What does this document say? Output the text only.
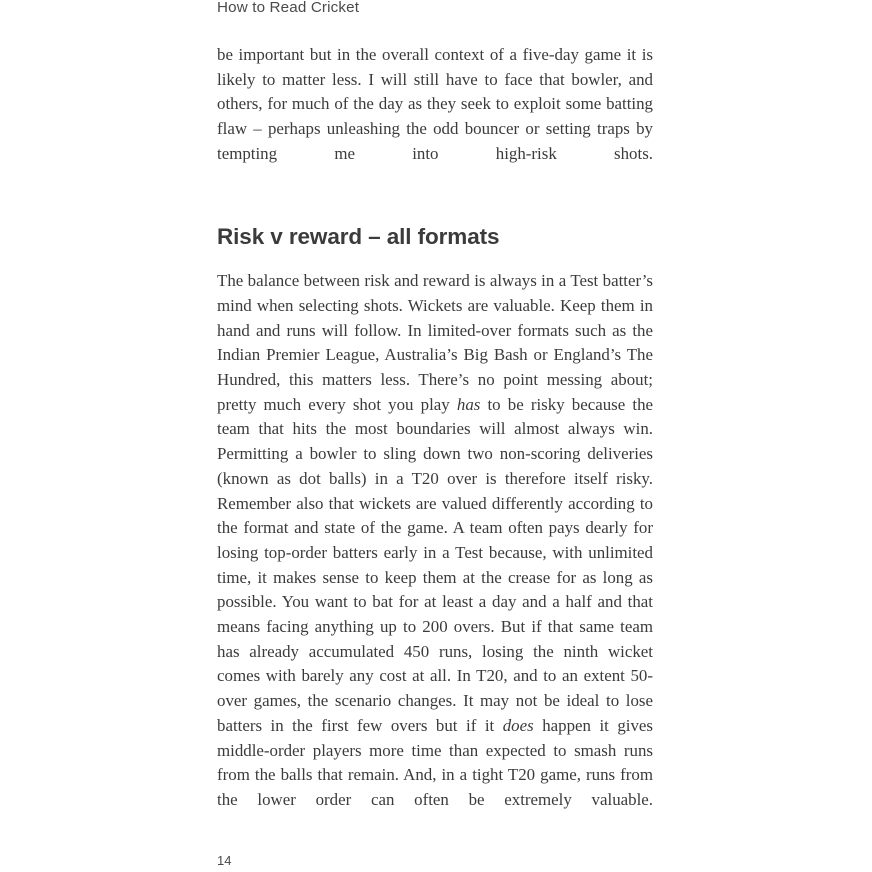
How to Read Cricket

be important but in the overall context of a five-day game it is likely to matter less. I will still have to face that bowler, and others, for much of the day as they seek to exploit some batting flaw – perhaps unleashing the odd bouncer or setting traps by tempting me into high-risk shots.

Risk v reward – all formats

The balance between risk and reward is always in a Test batter’s mind when selecting shots. Wickets are valuable. Keep them in hand and runs will follow. In limited-over formats such as the Indian Premier League, Australia’s Big Bash or England’s The Hundred, this matters less. There’s no point messing about; pretty much every shot you play has to be risky because the team that hits the most boundaries will almost always win. Permitting a bowler to sling down two non-scoring deliveries (known as dot balls) in a T20 over is therefore itself risky. Remember also that wickets are valued differently according to the format and state of the game. A team often pays dearly for losing top-order batters early in a Test because, with unlimited time, it makes sense to keep them at the crease for as long as possible. You want to bat for at least a day and a half and that means facing anything up to 200 overs. But if that same team has already accumulated 450 runs, losing the ninth wicket comes with barely any cost at all. In T20, and to an extent 50-over games, the scenario changes. It may not be ideal to lose batters in the first few overs but if it does happen it gives middle-order players more time than expected to smash runs from the balls that remain. And, in a tight T20 game, runs from the lower order can often be extremely valuable.

14
